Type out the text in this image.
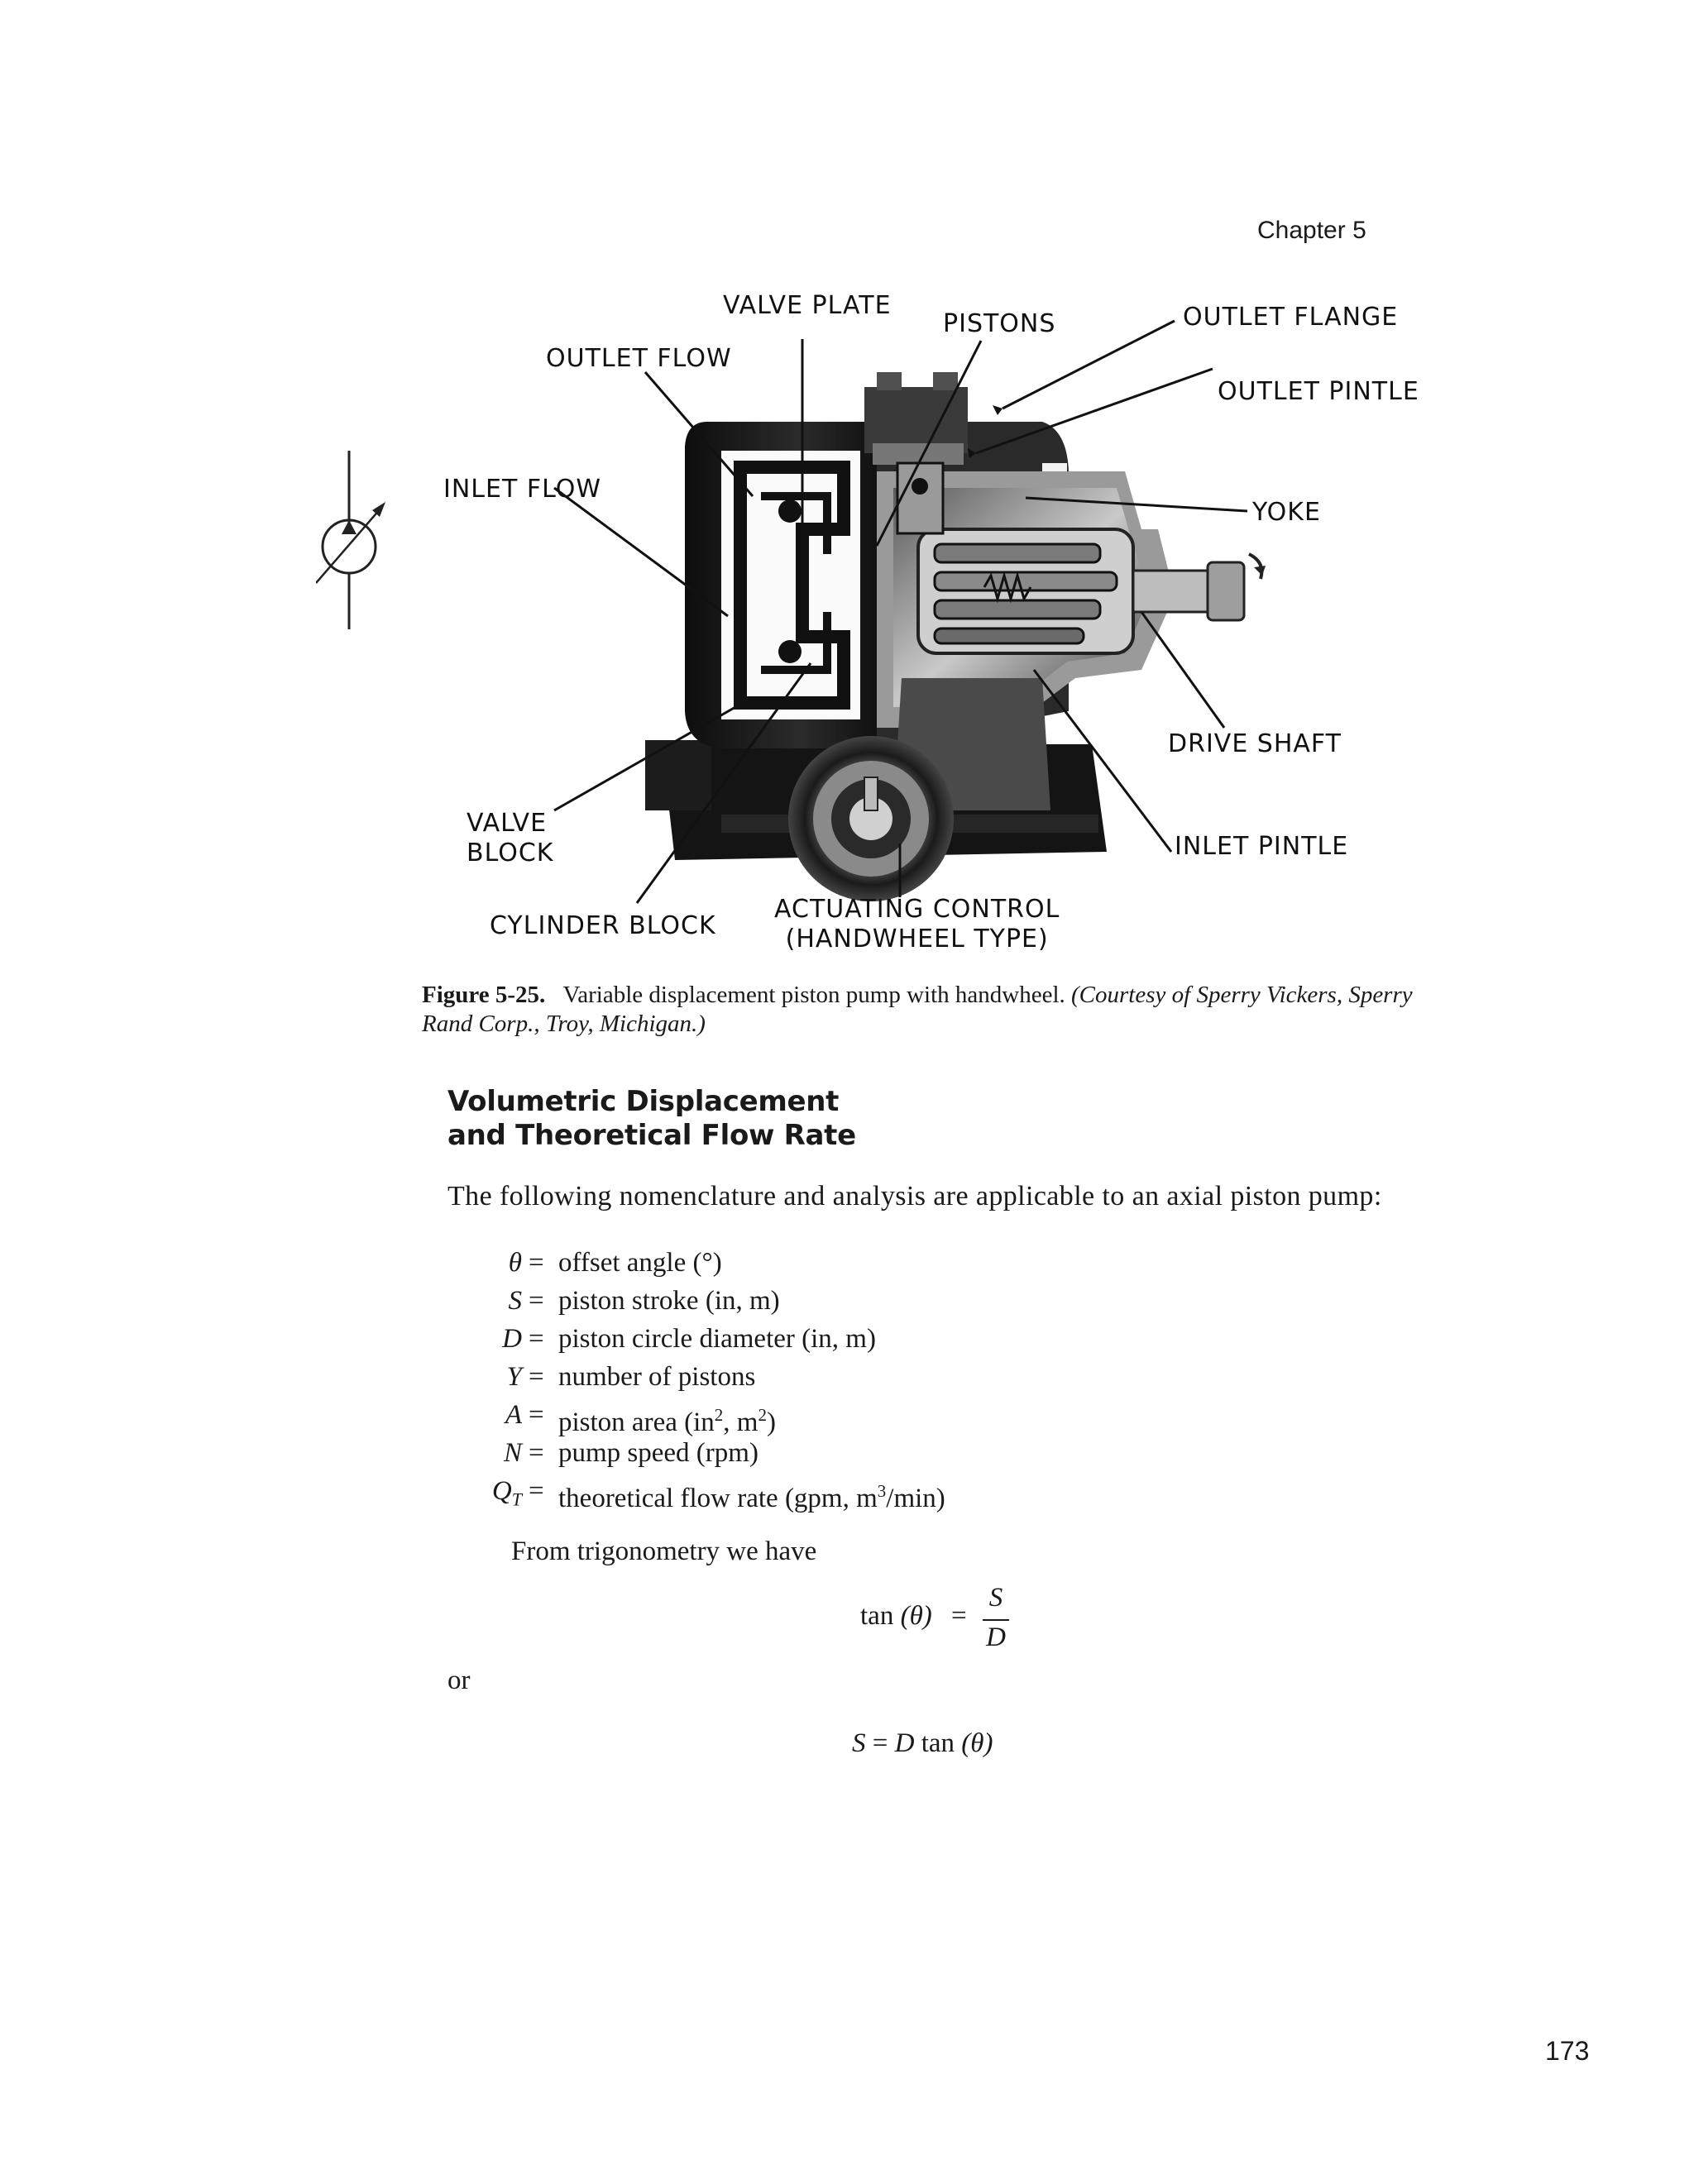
Chapter 5
VALVE PLATE
PISTONS	OUTLET FLANGE
OUTLET FLOW
OUTLET PINTLE
INLET FLOW
YOKE
DRIVE SHAFT
VALVE
BLOCK	INLET PINTLE
CYLINDER BLOCK
ACTUATING CONTROL
(HANDWHEEL TYPE)
Figure 5-25. Variable displacement piston pump with handwheel. (Courtesy of Sperry Vickers, Sperry Rand Corp., Troy, Michigan.)
Volumetric Displacement
and Theoretical Flow Rate
The following nomenclature and analysis are applicable to an axial piston pump:
θ = offset angle (°)
S = piston stroke (in, m)
D = piston circle diameter (in, m)
Y = number of pistons
A = piston area ($in^2$, $m^2$)
N = pump speed (rpm)
$Q_T$ = theoretical flow rate (gpm, $m^3/\min$)
From trigonometry we have
tan (θ) =
S
D
or
S = D tan (θ)
173
